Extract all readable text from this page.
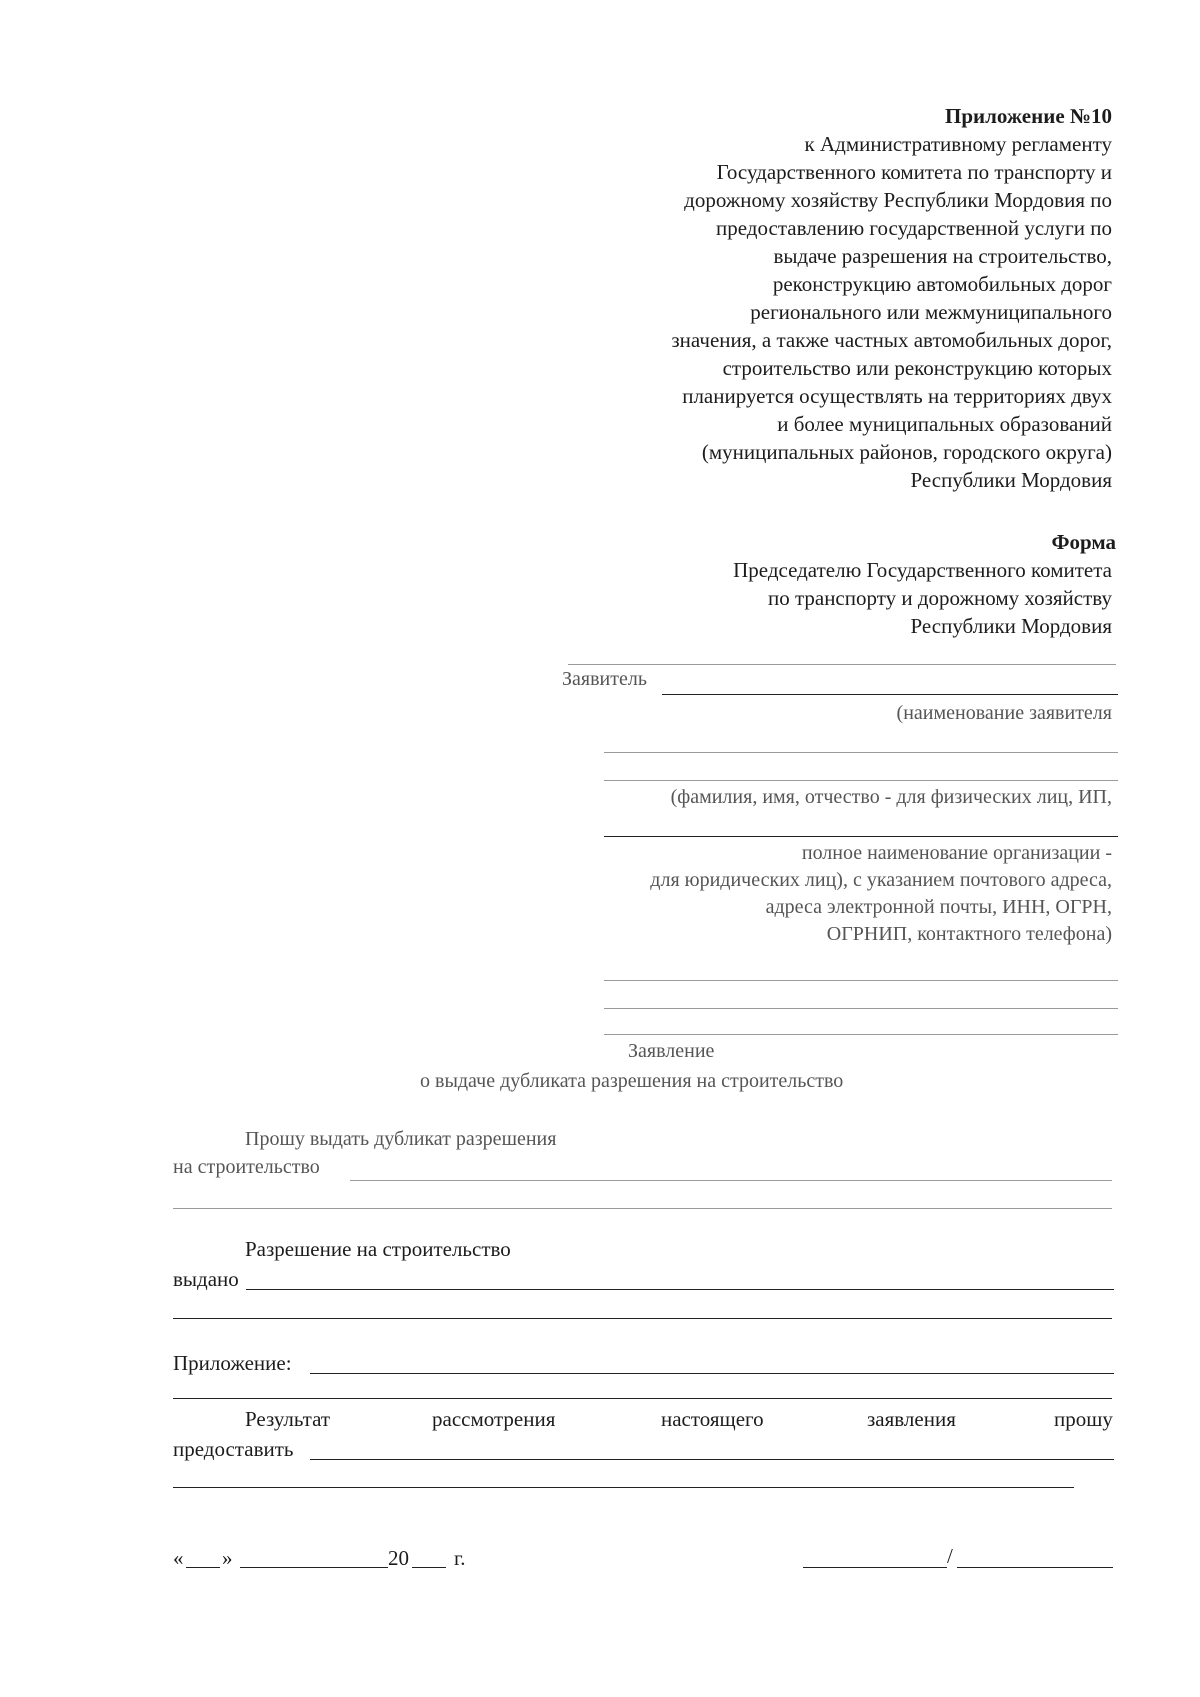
Приложение №10
к Административному регламенту
Государственного комитета по транспорту и
дорожному хозяйству Республики Мордовия по
предоставлению государственной услуги по
выдаче разрешения на строительство,
реконструкцию автомобильных дорог
регионального или межмуниципального
значения, а также частных автомобильных дорог,
строительство или реконструкцию которых
планируется осуществлять на территориях двух
и более муниципальных образований
(муниципальных районов, городского округа)
Республики Мордовия
Форма
Председателю Государственного комитета
по транспорту и дорожному хозяйству
Республики Мордовия
Заявитель
(наименование заявителя
(фамилия, имя, отчество - для физических лиц, ИП,
полное наименование организации -
для юридических лиц), с указанием почтового адреса,
адреса электронной почты, ИНН, ОГРН,
ОГРНИП, контактного телефона)
Заявление
о выдаче дубликата разрешения на строительство
Прошу выдать дубликат разрешения
на строительство
Разрешение на строительство
выдано
Приложение:
Результат	рассмотрения	настоящего	заявления	прошу
предоставить
« »	20 г.	/
